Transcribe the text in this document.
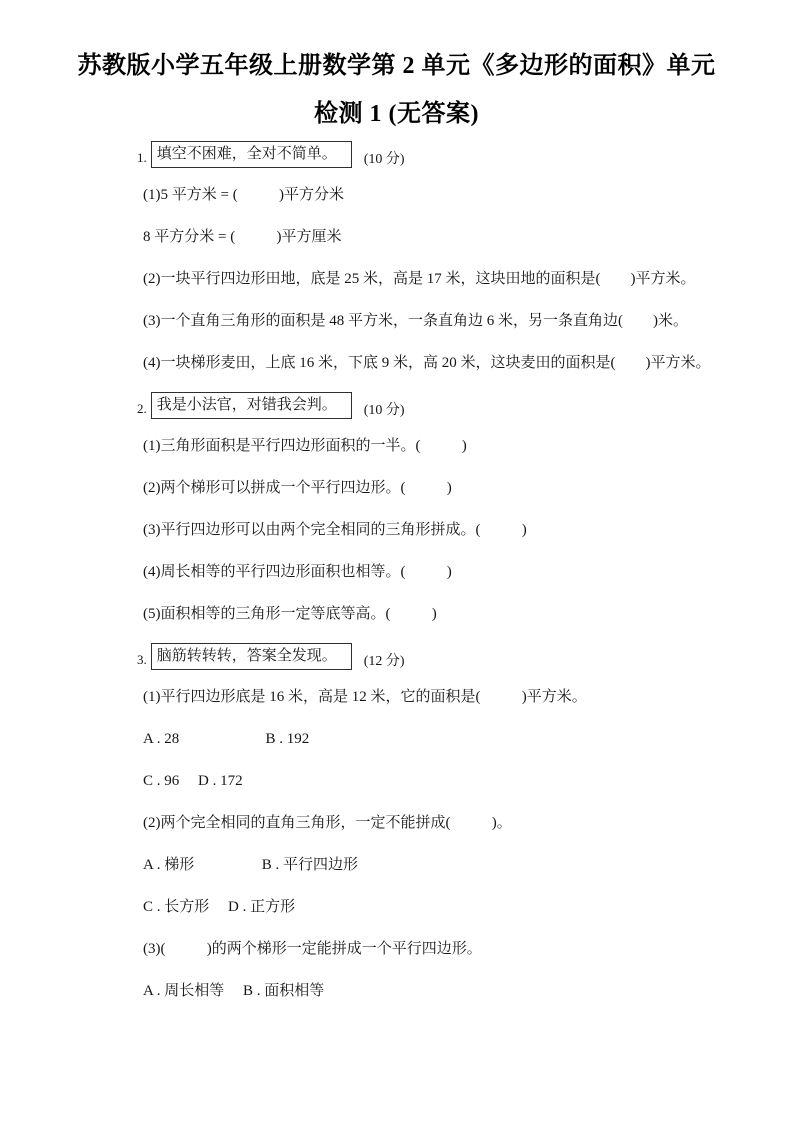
苏教版小学五年级上册数学第 2 单元《多边形的面积》单元
检测 1 (无答案)
1. 填空不困难，全对不简单。	(10 分)

(1)5 平方米 = (           )平方分米

8 平方分米 = (           )平方厘米

(2)一块平行四边形田地，底是 25 米，高是 17 米，这块田地的面积是(        )平方米。

(3)一个直角三角形的面积是 48 平方米，一条直角边 6 米，另一条直角边(        )米。

(4)一块梯形麦田，上底 16 米，下底 9 米，高 20 米，这块麦田的面积是(        )平方米。

2. 我是小法官，对错我会判。	(10 分)

(1)三角形面积是平行四边形面积的一半。(           )

(2)两个梯形可以拼成一个平行四边形。(           )

(3)平行四边形可以由两个完全相同的三角形拼成。(           )

(4)周长相等的平行四边形面积也相等。(           )

(5)面积相等的三角形一定等底等高。(           )

3. 脑筋转转转，答案全发现。	(12 分)

(1)平行四边形底是 16 米，高是 12 米，它的面积是(           )平方米。

A . 28                       B . 192

C . 96     D . 172

(2)两个完全相同的直角三角形，一定不能拼成(           )。

A . 梯形                  B . 平行四边形

C . 长方形     D . 正方形

(3)(           )的两个梯形一定能拼成一个平行四边形。

A . 周长相等     B . 面积相等
